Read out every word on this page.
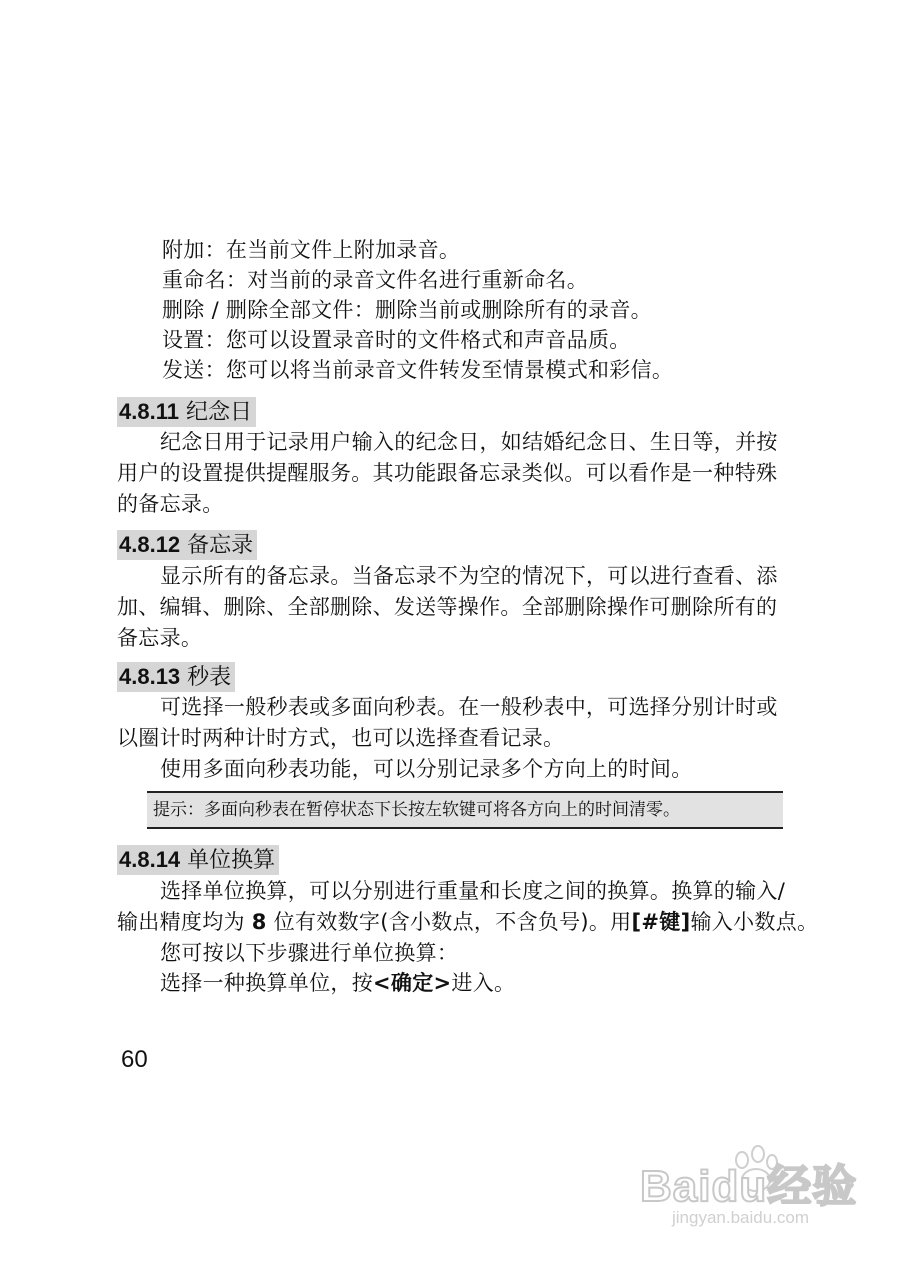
附加：在当前文件上附加录音。
重命名：对当前的录音文件名进行重新命名。
删除 / 删除全部文件：删除当前或删除所有的录音。
设置：您可以设置录音时的文件格式和声音品质。
发送：您可以将当前录音文件转发至情景模式和彩信。
4.8.11 纪念日
纪念日用于记录用户输入的纪念日，如结婚纪念日、生日等，并按
用户的设置提供提醒服务。其功能跟备忘录类似。可以看作是一种特殊
的备忘录。
4.8.12 备忘录
显示所有的备忘录。当备忘录不为空的情况下，可以进行查看、添
加、编辑、删除、全部删除、发送等操作。全部删除操作可删除所有的
备忘录。
4.8.13 秒表
可选择一般秒表或多面向秒表。在一般秒表中，可选择分别计时或
以圈计时两种计时方式，也可以选择查看记录。
使用多面向秒表功能，可以分别记录多个方向上的时间。
提示：多面向秒表在暂停状态下长按左软键可将各方向上的时间清零。
4.8.14 单位换算
选择单位换算，可以分别进行重量和长度之间的换算。换算的输入/
输出精度均为 8 位有效数字(含小数点，不含负号)。用[#键]输入小数点。
您可按以下步骤进行单位换算：
选择一种换算单位，按<确定>进入。
60
Baidu经验
jingyan.baidu.com
